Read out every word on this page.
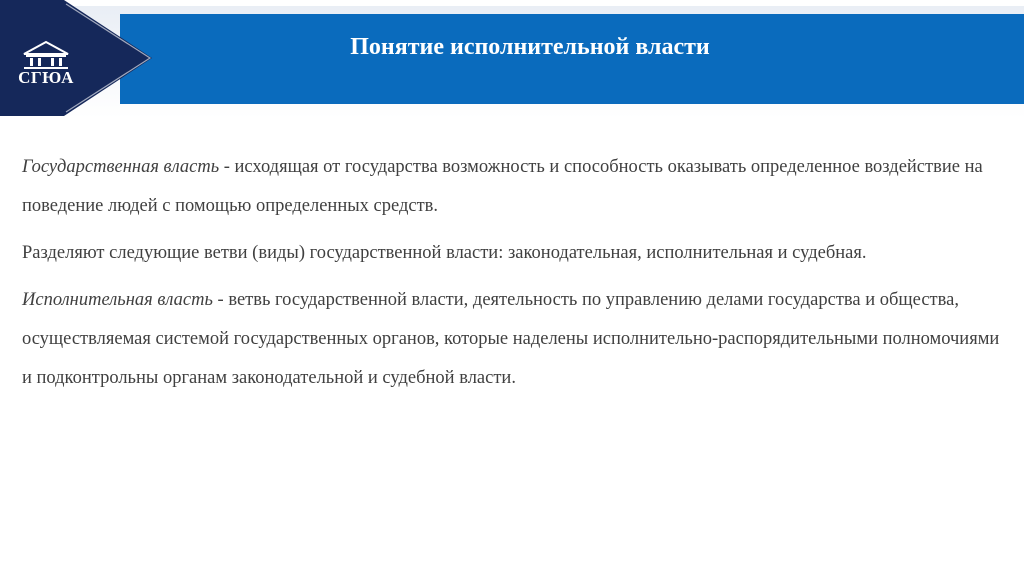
СГЮА
Понятие исполнительной власти

Государственная власть - исходящая от государства возможность и способность оказывать определенное воздействие на поведение людей с помощью определенных средств.

Разделяют следующие ветви (виды) государственной власти: законодательная, исполнительная и судебная.

Исполнительная власть - ветвь государственной власти, деятельность по управлению делами государства и общества, осуществляемая системой государственных органов, которые наделены исполнительно-распорядительными полномочиями и подконтрольны органам законодательной и судебной власти.
